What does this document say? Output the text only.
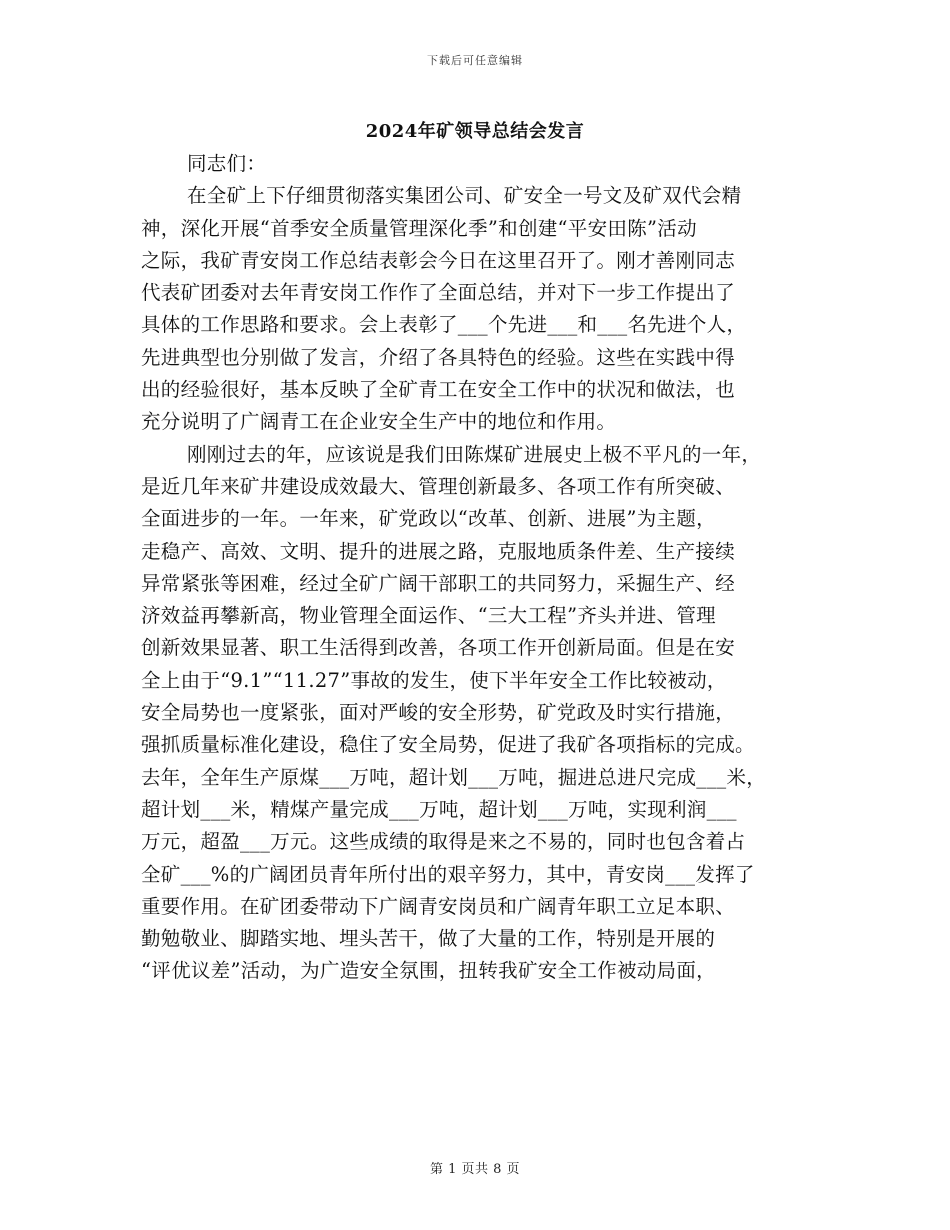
下载后可任意编辑
2024年矿领导总结会发言
同志们：
在全矿上下仔细贯彻落实集团公司、矿安全一号文及矿双代会精
神，深化开展“首季安全质量管理深化季”和创建“平安田陈”活动
之际，我矿青安岗工作总结表彰会今日在这里召开了。刚才善刚同志
代表矿团委对去年青安岗工作作了全面总结，并对下一步工作提出了
具体的工作思路和要求。会上表彰了___个先进___和___名先进个人，
先进典型也分别做了发言，介绍了各具特色的经验。这些在实践中得
出的经验很好，基本反映了全矿青工在安全工作中的状况和做法，也
充分说明了广阔青工在企业安全生产中的地位和作用。
刚刚过去的年，应该说是我们田陈煤矿进展史上极不平凡的一年，
是近几年来矿井建设成效最大、管理创新最多、各项工作有所突破、
全面进步的一年。一年来，矿党政以“改革、创新、进展”为主题，
走稳产、高效、文明、提升的进展之路，克服地质条件差、生产接续
异常紧张等困难，经过全矿广阔干部职工的共同努力，采掘生产、经
济效益再攀新高，物业管理全面运作、“三大工程”齐头并进、管理
创新效果显著、职工生活得到改善，各项工作开创新局面。但是在安
全上由于“9.1”“11.27”事故的发生，使下半年安全工作比较被动，
安全局势也一度紧张，面对严峻的安全形势，矿党政及时实行措施，
强抓质量标准化建设，稳住了安全局势，促进了我矿各项指标的完成。
去年，全年生产原煤___万吨，超计划___万吨，掘进总进尺完成___米，
超计划___米，精煤产量完成___万吨，超计划___万吨，实现利润___
万元，超盈___万元。这些成绩的取得是来之不易的，同时也包含着占
全矿___%的广阔团员青年所付出的艰辛努力，其中，青安岗___发挥了
重要作用。在矿团委带动下广阔青安岗员和广阔青年职工立足本职、
勤勉敬业、脚踏实地、埋头苦干，做了大量的工作，特别是开展的
“评优议差”活动，为广造安全氛围，扭转我矿安全工作被动局面，
第 1 页共 8 页
